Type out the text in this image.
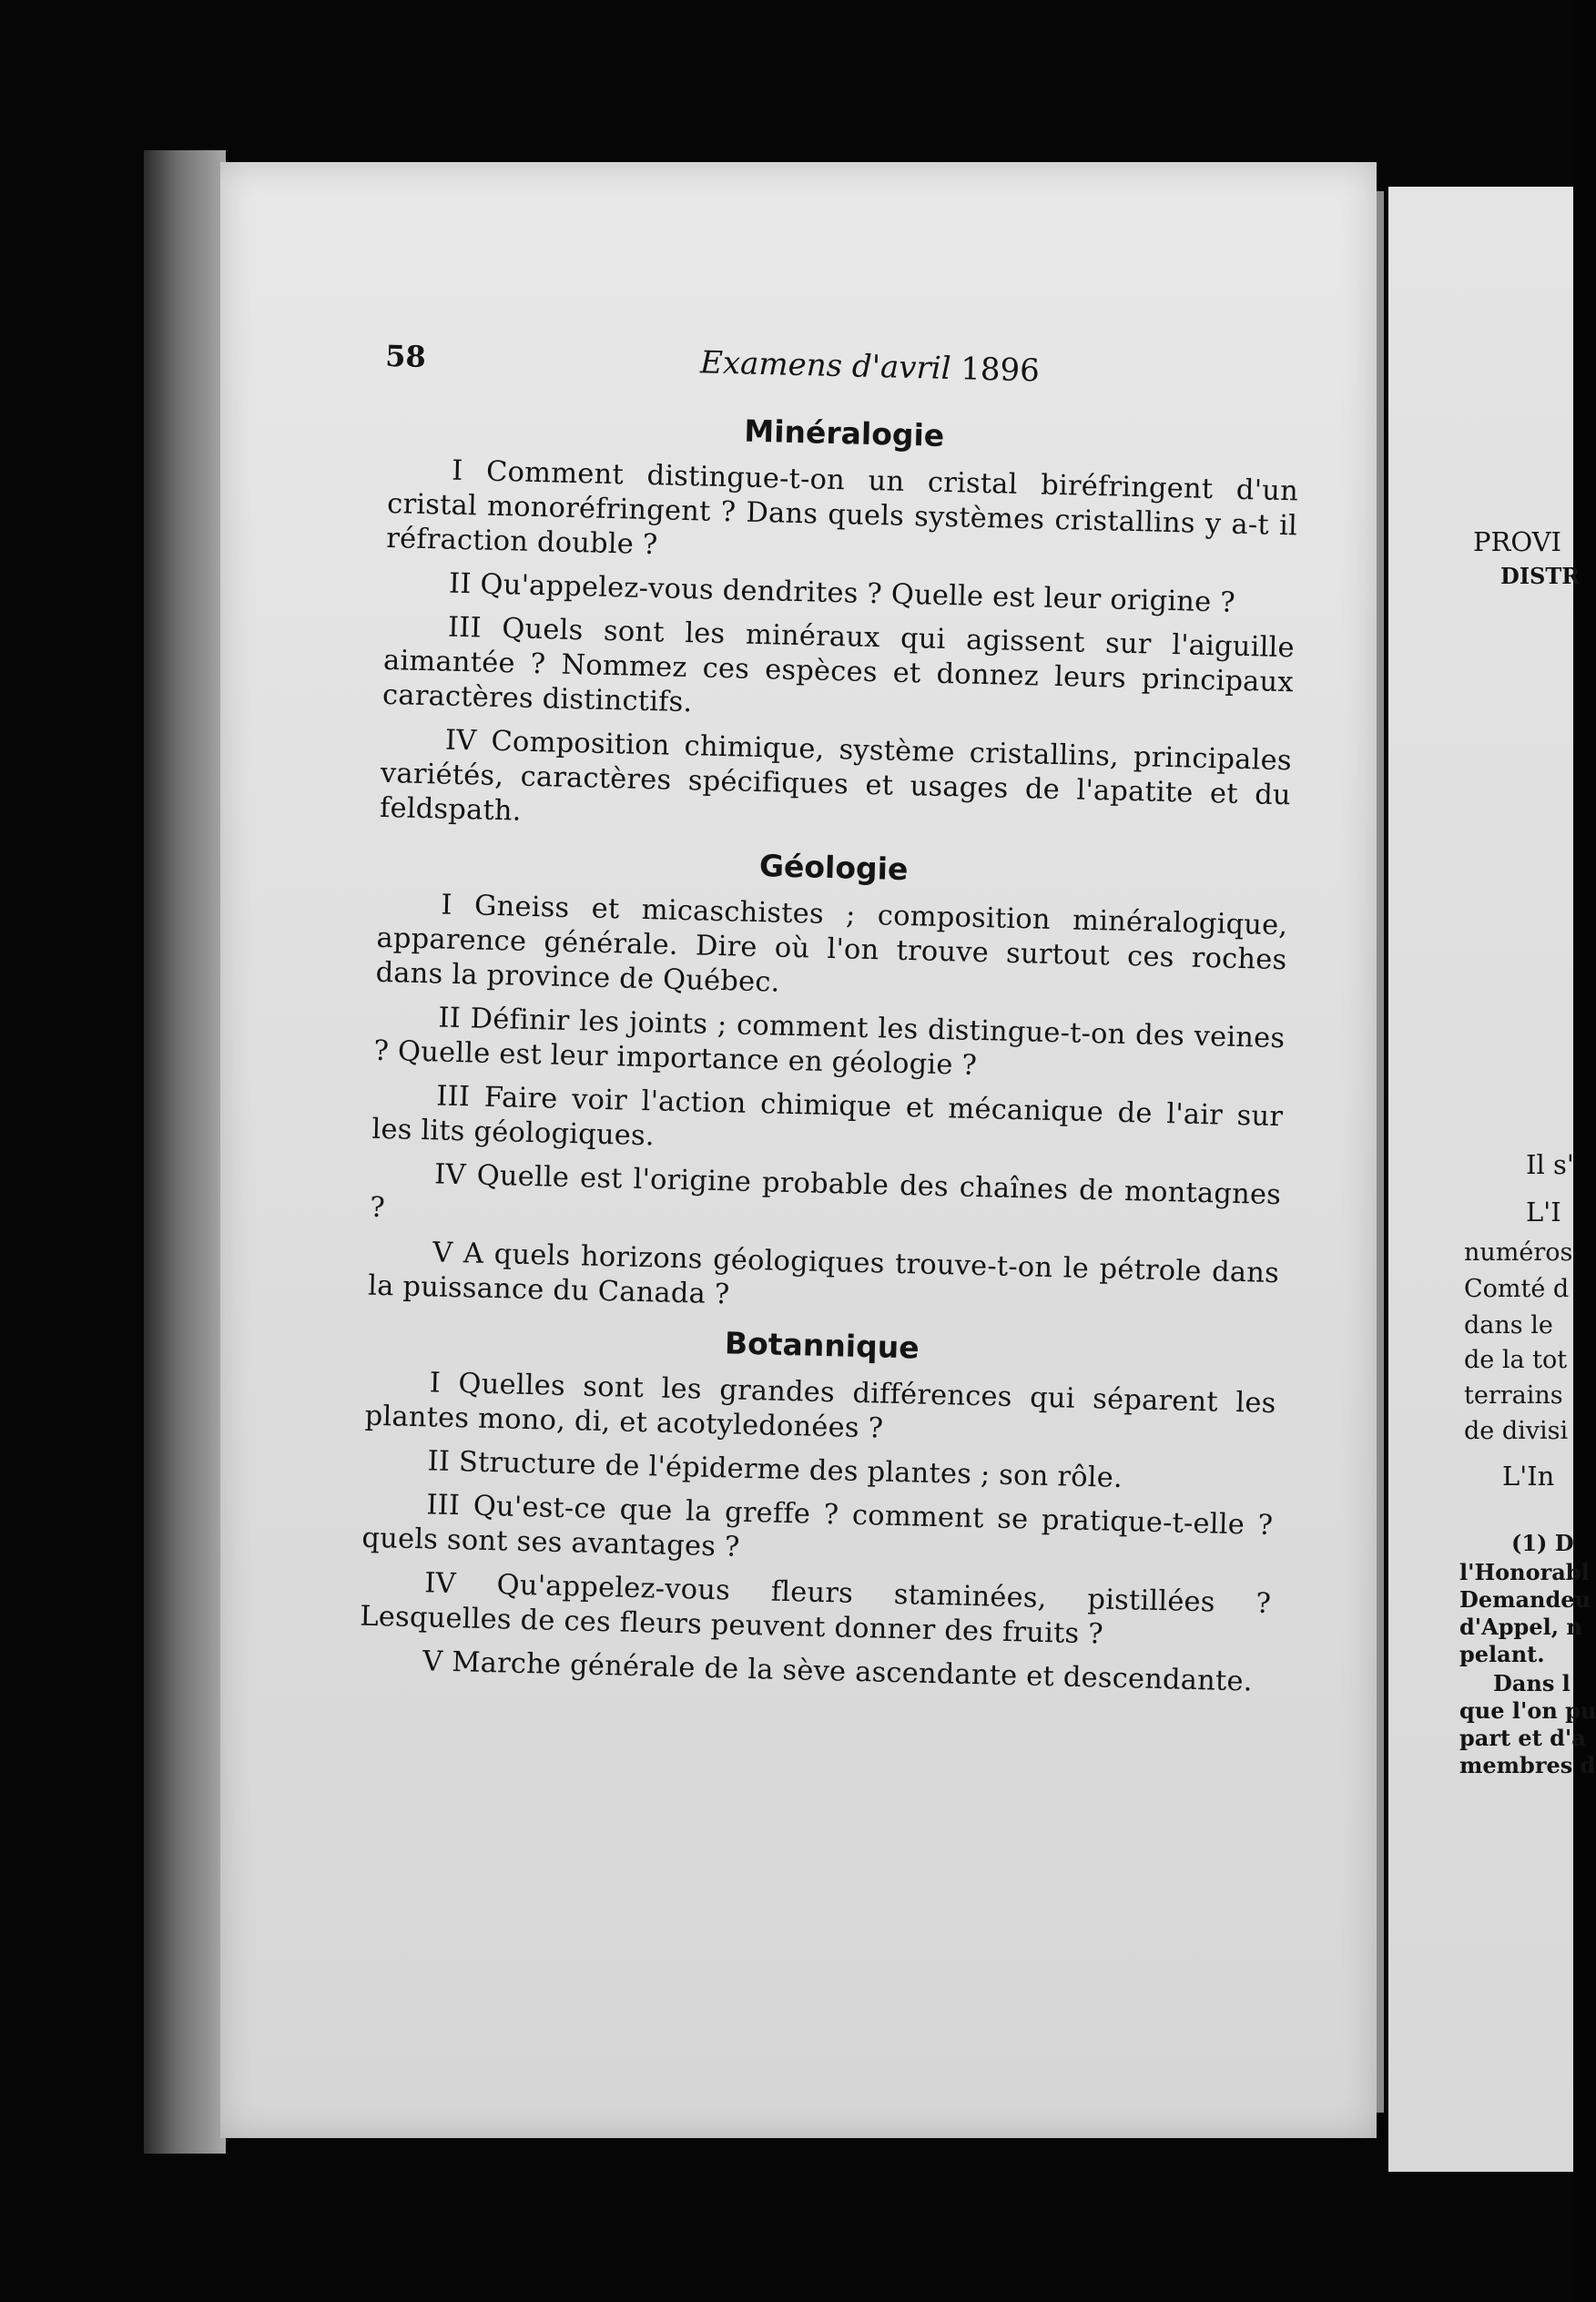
58	Examens d'avril 1896
Minéralogie

I Comment distingue-t-on un cristal biréfringent d'un cristal monoréfringent ? Dans quels systèmes cristallins y a-t il réfraction double ?

II Qu'appelez-vous dendrites ? Quelle est leur origine ?

III Quels sont les minéraux qui agissent sur l'aiguille aimantée ? Nommez ces espèces et donnez leurs principaux caractères distinctifs.

IV Composition chimique, système cristallins, principales variétés, caractères spécifiques et usages de l'apatite et du feldspath.

Géologie

I Gneiss et micaschistes ; composition minéralogique, apparence générale. Dire où l'on trouve surtout ces roches dans la province de Québec.

II Définir les joints ; comment les distingue-t-on des veines ? Quelle est leur importance en géologie ?

III Faire voir l'action chimique et mécanique de l'air sur les lits géologiques.

IV Quelle est l'origine probable des chaînes de montagnes ?

V A quels horizons géologiques trouve-t-on le pétrole dans la puissance du Canada ?

Botannique

I Quelles sont les grandes différences qui séparent les plantes mono, di, et acotyledonées ?

II Structure de l'épiderme des plantes ; son rôle.

III Qu'est-ce que la greffe ? comment se pratique-t-elle ? quels sont ses avantages ?

IV Qu'appelez-vous fleurs staminées, pistillées ? Lesquelles de ces fleurs peuvent donner des fruits ?

V Marche générale de la sève ascendante et descendante.

PROVI
DISTR
Il s'
L'I
numéros
Comté d
dans le
de la tot
terrains
de divisi
L'In
(1) D
l'Honorabl
Demandeu
d'Appel, n
pelant.
Dans l
que l'on pu
part et d'a
membres d
